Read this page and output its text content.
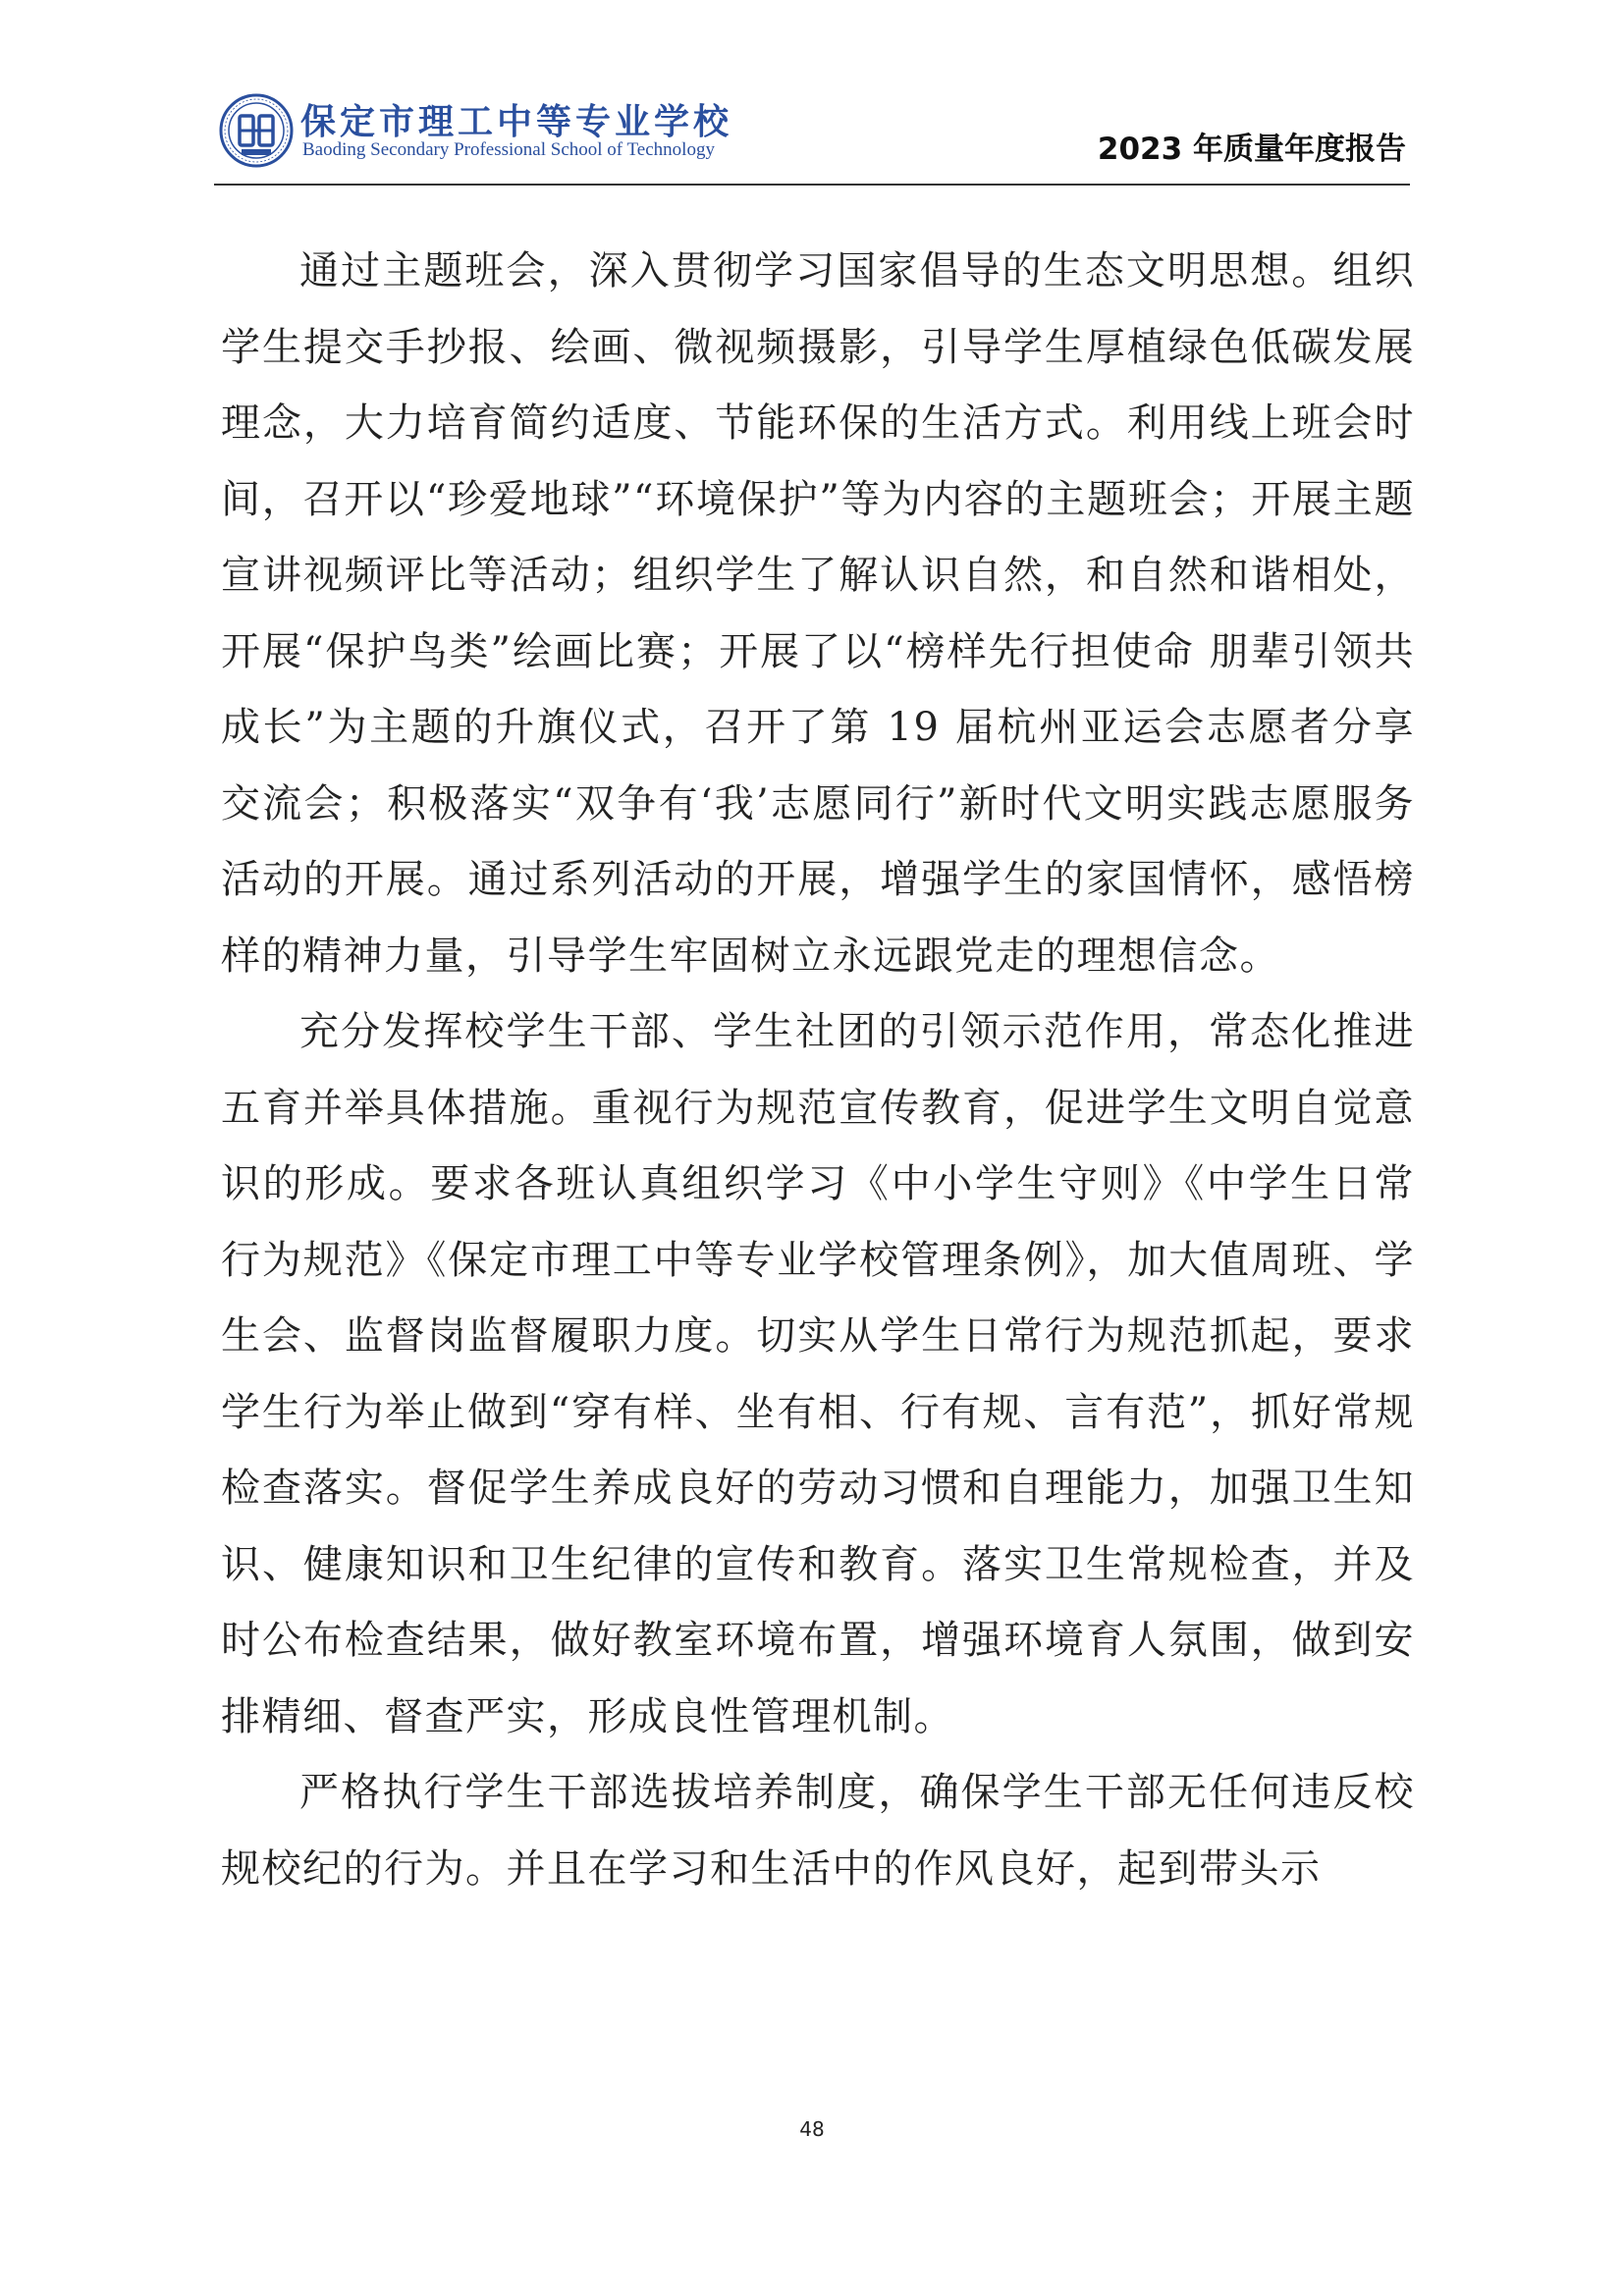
保定市理工中等专业学校
Baoding Secondary Professional School of Technology	2023 年质量年度报告

通过主题班会，深入贯彻学习国家倡导的生态文明思想。组织学生提交手抄报、绘画、微视频摄影，引导学生厚植绿色低碳发展理念，大力培育简约适度、节能环保的生活方式。利用线上班会时间，召开以“珍爱地球”“环境保护”等为内容的主题班会；开展主题宣讲视频评比等活动；组织学生了解认识自然，和自然和谐相处，开展“保护鸟类”绘画比赛；开展了以“榜样先行担使命 朋辈引领共成长”为主题的升旗仪式，召开了第 19 届杭州亚运会志愿者分享交流会；积极落实“双争有‘我’志愿同行”新时代文明实践志愿服务活动的开展。通过系列活动的开展，增强学生的家国情怀，感悟榜样的精神力量，引导学生牢固树立永远跟党走的理想信念。

充分发挥校学生干部、学生社团的引领示范作用，常态化推进五育并举具体措施。重视行为规范宣传教育，促进学生文明自觉意识的形成。要求各班认真组织学习《中小学生守则》《中学生日常行为规范》《保定市理工中等专业学校管理条例》，加大值周班、学生会、监督岗监督履职力度。切实从学生日常行为规范抓起，要求学生行为举止做到“穿有样、坐有相、行有规、言有范”，抓好常规检查落实。督促学生养成良好的劳动习惯和自理能力，加强卫生知识、健康知识和卫生纪律的宣传和教育。落实卫生常规检查，并及时公布检查结果，做好教室环境布置，增强环境育人氛围，做到安排精细、督查严实，形成良性管理机制。

严格执行学生干部选拔培养制度，确保学生干部无任何违反校规校纪的行为。并且在学习和生活中的作风良好，起到带头示

48
